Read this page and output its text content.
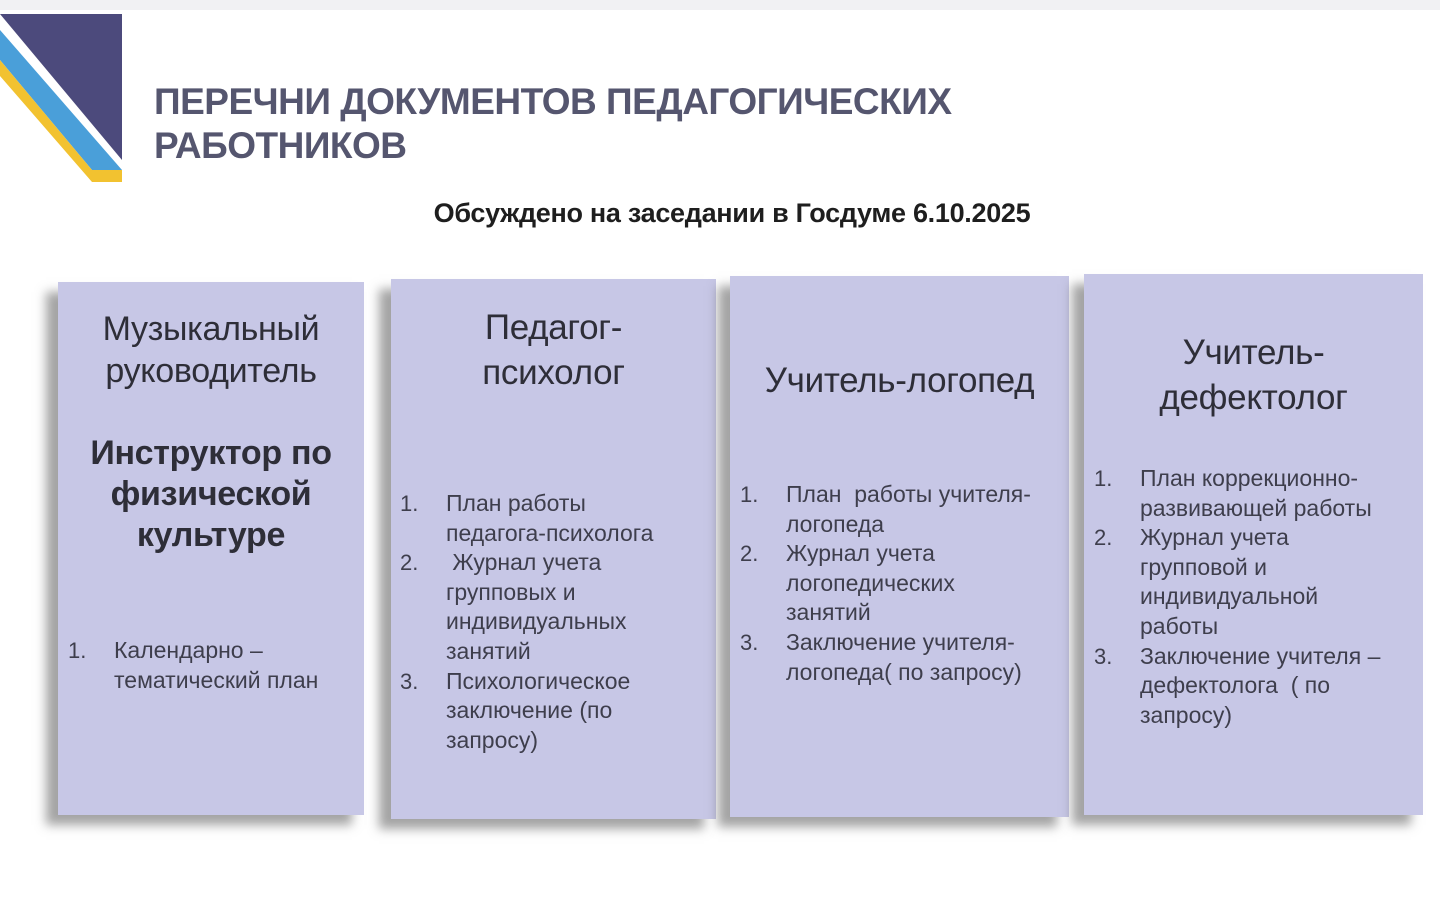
ПЕРЕЧНИ ДОКУМЕНТОВ ПЕДАГОГИЧЕСКИХ
РАБОТНИКОВ
Обсуждено на заседании в Госдуме 6.10.2025
Музыкальный
руководитель
Инструктор по
физической
культуре
1. Календарно –
тематический план
Педагог-
психолог
1. План работы
педагога-психолога
2. Журнал учета
групповых и
индивидуальных
занятий
3. Психологическое
заключение (по
запросу)
Учитель-логопед
1. План  работы учителя-
логопеда
2. Журнал учета
логопедических
занятий
3. Заключение учителя-
логопеда( по запросу)
Учитель-
дефектолог
1. План коррекционно-
развивающей работы
2. Журнал учета
групповой и
индивидуальной
работы
3. Заключение учителя –
дефектолога  ( по
запросу)
